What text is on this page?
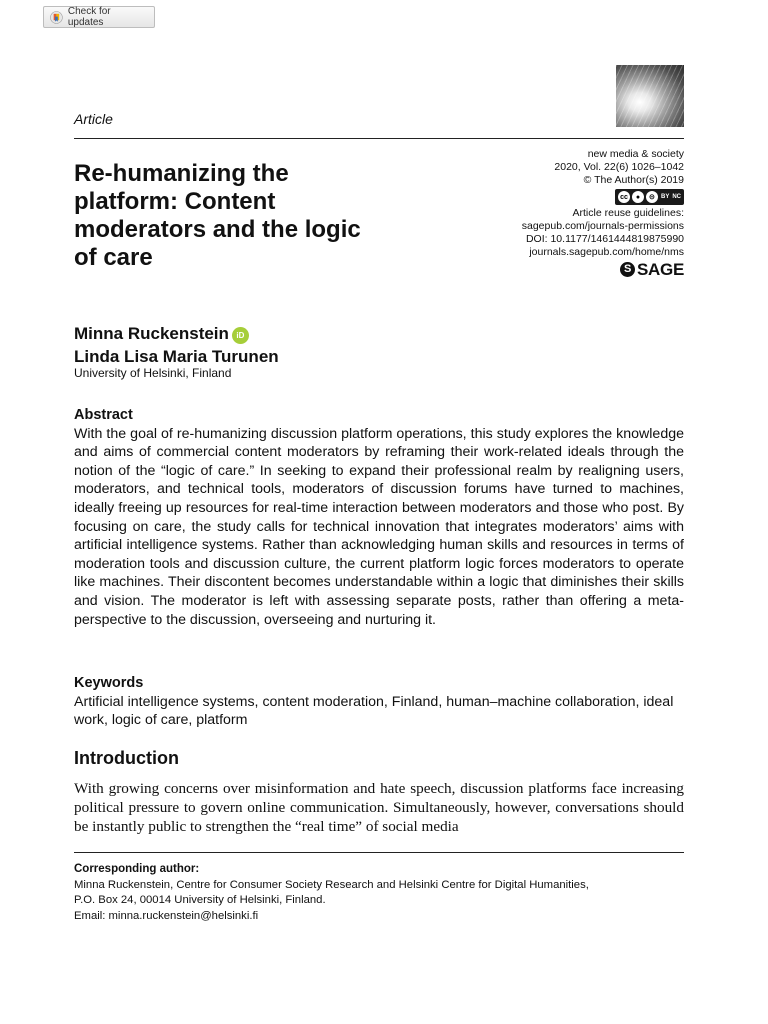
Check for updates
Article
Re-humanizing the platform: Content moderators and the logic of care
new media & society
2020, Vol. 22(6) 1026–1042
© The Author(s) 2019
cc	●	⊝	BY NC
Article reuse guidelines:
sagepub.com/journals-permissions
DOI: 10.1177/1461444819875990
journals.sagepub.com/home/nms
S SAGE
Minna Ruckenstein iD
Linda Lisa Maria Turunen
University of Helsinki, Finland
Abstract

With the goal of re-humanizing discussion platform operations, this study explores the knowledge and aims of commercial content moderators by reframing their work-related ideals through the notion of the “logic of care.” In seeking to expand their professional realm by realigning users, moderators, and technical tools, moderators of discussion forums have turned to machines, ideally freeing up resources for real-time interaction between moderators and those who post. By focusing on care, the study calls for technical innovation that integrates moderators’ aims with artificial intelligence systems. Rather than acknowledging human skills and resources in terms of moderation tools and discussion culture, the current platform logic forces moderators to operate like machines. Their discontent becomes understandable within a logic that diminishes their skills and vision. The moderator is left with assessing separate posts, rather than offering a meta-perspective to the discussion, overseeing and nurturing it.

Keywords

Artificial intelligence systems, content moderation, Finland, human–machine collaboration, ideal work, logic of care, platform

Introduction

With growing concerns over misinformation and hate speech, discussion platforms face increasing political pressure to govern online communication. Simultaneously, however, conversations should be instantly public to strengthen the “real time” of social media

Corresponding author:
Minna Ruckenstein, Centre for Consumer Society Research and Helsinki Centre for Digital Humanities,
P.O. Box 24, 00014 University of Helsinki, Finland.
Email: minna.ruckenstein@helsinki.fi
